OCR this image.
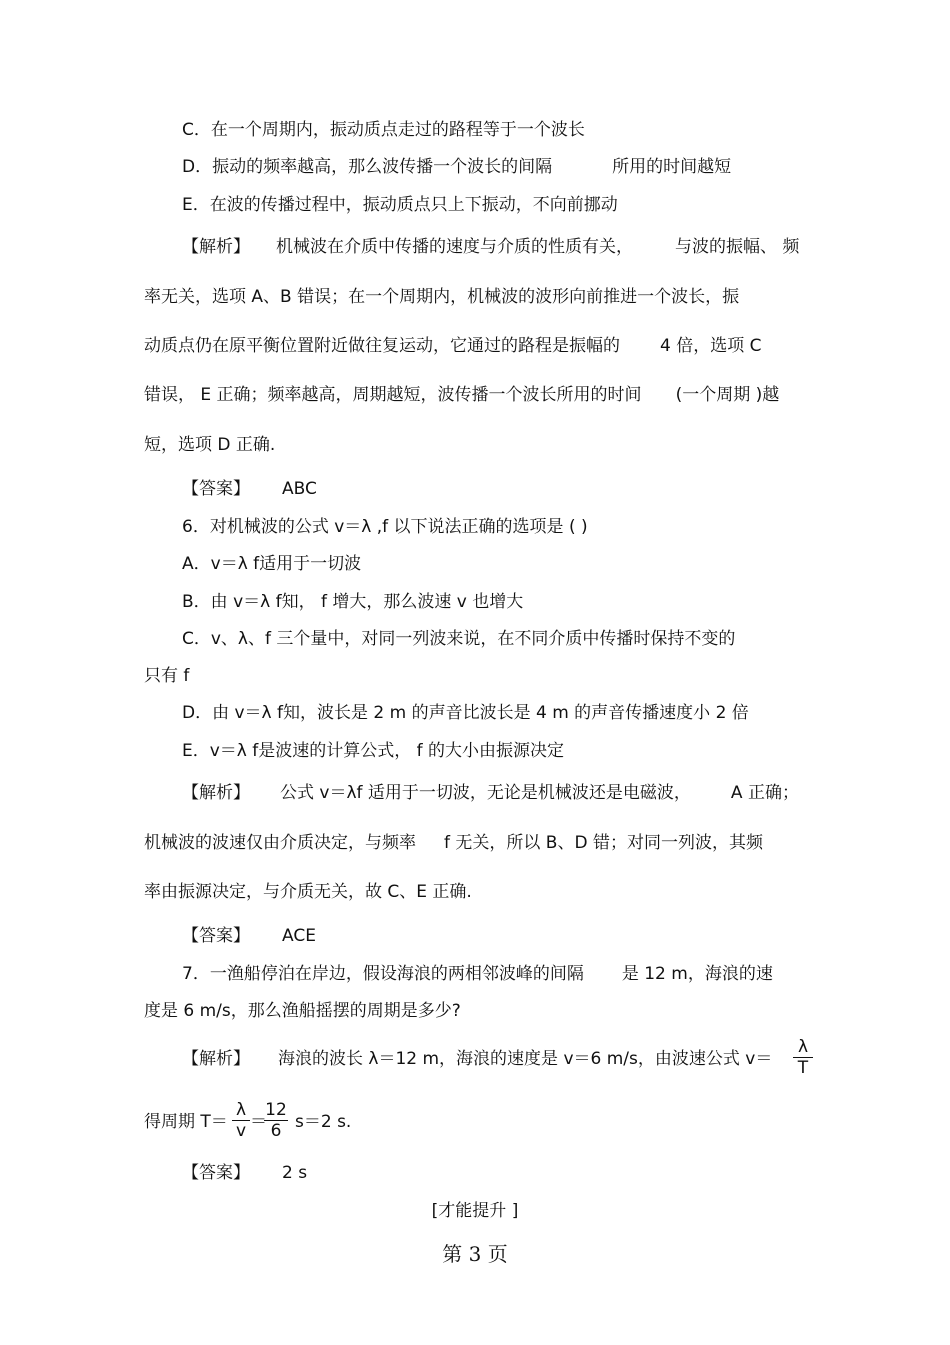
C．在一个周期内，振动质点走过的路程等于一个波长
D．振动的频率越高，那么波传播一个波长的间隔	所用的时间越短
E．在波的传播过程中，振动质点只上下振动，不向前挪动
【解析】 机械波在介质中传播的速度与介质的性质有关， 与波的振幅、 频
率无关，选项 A、B 错误；在一个周期内，机械波的波形向前推进一个波长，振
动质点仍在原平衡位置附近做往复运动，它通过的路程是振幅的 4 倍，选项 C
错误， E 正确；频率越高，周期越短，波传播一个波长所用的时间 (一个周期 )越
短，选项 D 正确.
【答案】 ABC
6．对机械波的公式 v＝λ ,f 以下说法正确的选项是 ( )
A．v＝λ f适用于一切波
B．由 v＝λ f知， f 增大，那么波速 v 也增大
C．v、λ、f 三个量中，对同一列波来说，在不同介质中传播时保持不变的
只有 f
D．由 v＝λ f知，波长是 2 m 的声音比波长是 4 m 的声音传播速度小 2 倍
E．v＝λ f是波速的计算公式， f 的大小由振源决定
【解析】 公式 v＝λf 适用于一切波，无论是机械波还是电磁波， A 正确；
机械波的波速仅由介质决定，与频率 f 无关，所以 B、D 错；对同一列波，其频
率由振源决定，与介质无关，故 C、E 正确.
【答案】 ACE
7．一渔船停泊在岸边，假设海浪的两相邻波峰的间隔 是 12 m，海浪的速
度是 6 m/s，那么渔船摇摆的周期是多少?
【解析】 海浪的波长 λ＝12 m，海浪的速度是 v＝6 m/s，由波速公式 $v= \frac{\lambda}{T}$
得周期 $T= \frac{\lambda}{v}$ ＝
$\frac{12}{6} s=2$ s.
【答案】 2 s
[才能提升 ]
第 3 页
